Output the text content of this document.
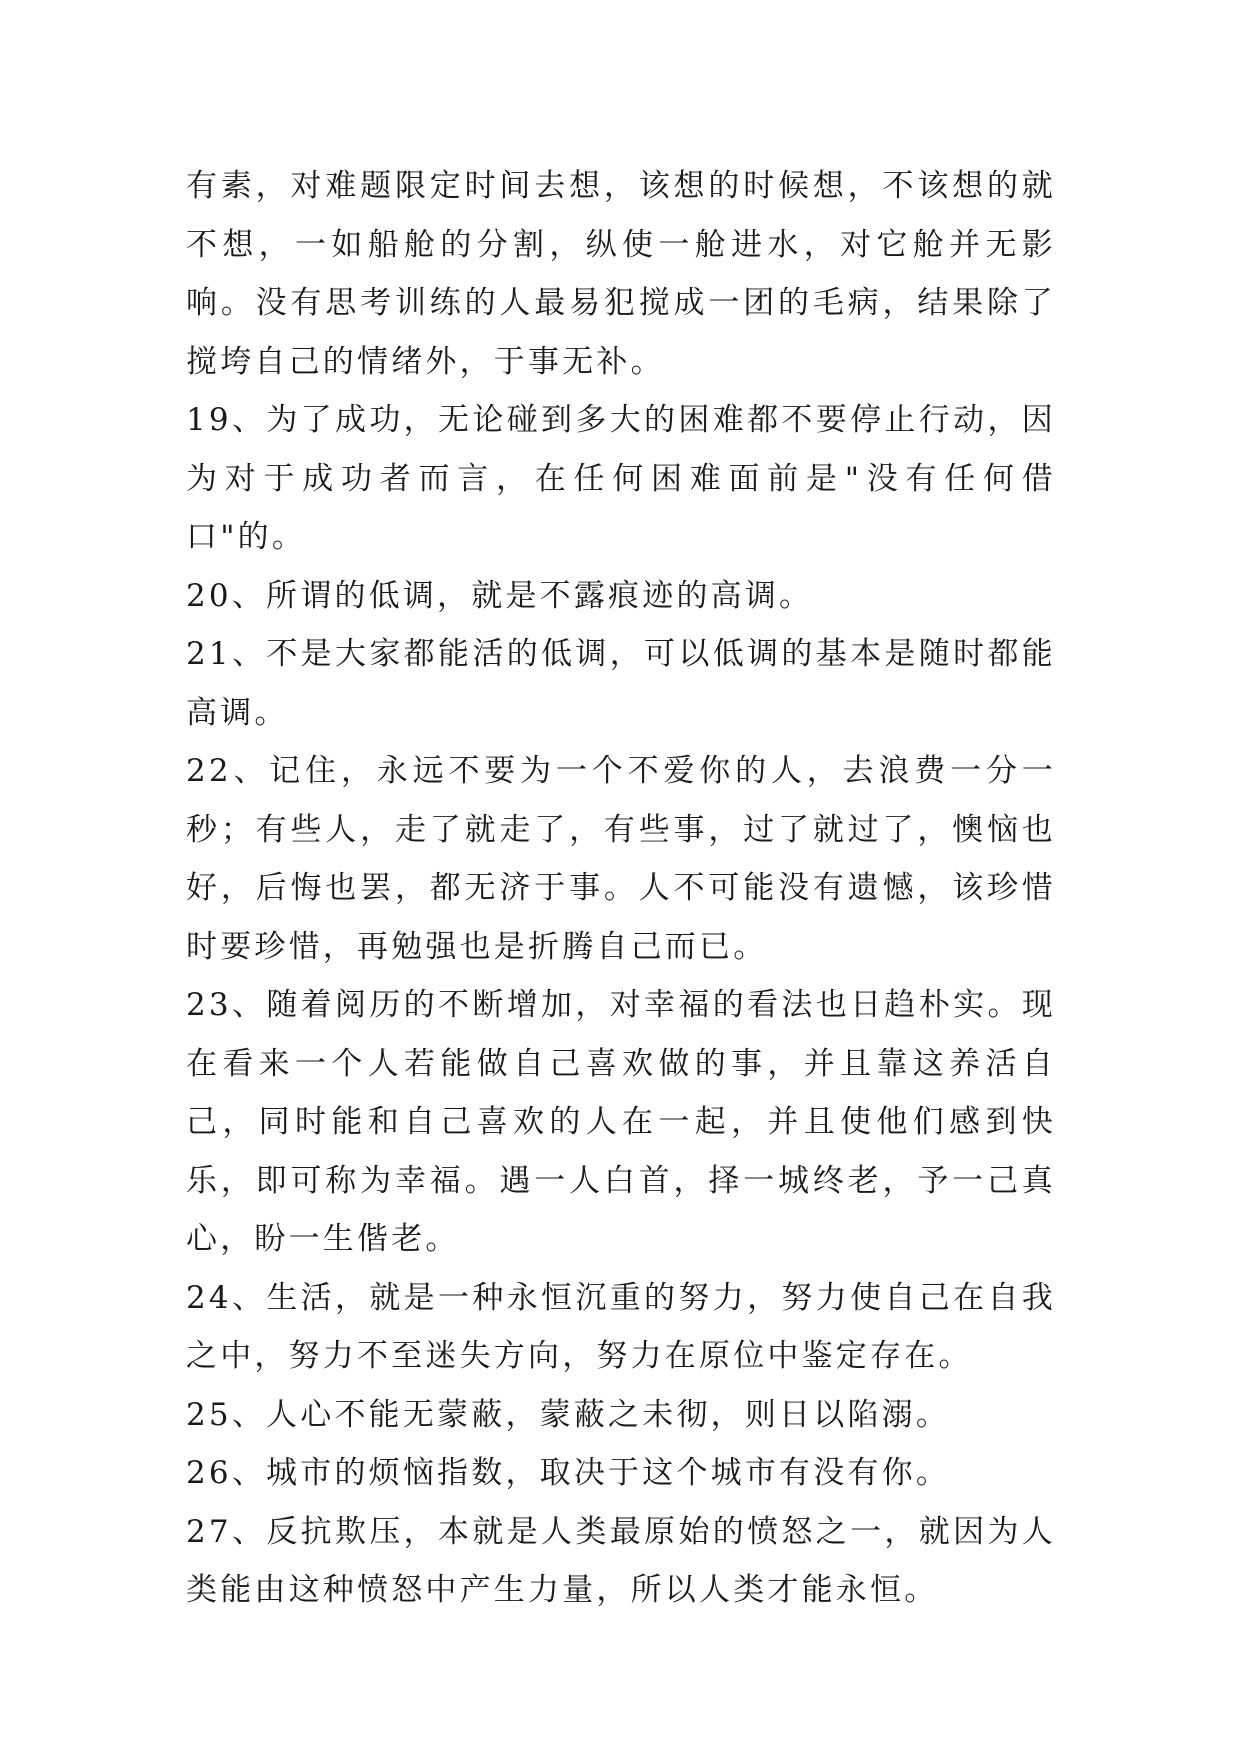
有素，对难题限定时间去想，该想的时候想，不该想的就不想，一如船舱的分割，纵使一舱进水，对它舱并无影响。没有思考训练的人最易犯搅成一团的毛病，结果除了搅垮自己的情绪外，于事无补。

19、为了成功，无论碰到多大的困难都不要停止行动，因为对于成功者而言，在任何困难面前是"没有任何借口"的。

20、所谓的低调，就是不露痕迹的高调。

21、不是大家都能活的低调，可以低调的基本是随时都能高调。

22、记住，永远不要为一个不爱你的人，去浪费一分一秒；有些人，走了就走了，有些事，过了就过了，懊恼也好，后悔也罢，都无济于事。人不可能没有遗憾，该珍惜时要珍惜，再勉强也是折腾自己而已。

23、随着阅历的不断增加，对幸福的看法也日趋朴实。现在看来一个人若能做自己喜欢做的事，并且靠这养活自己，同时能和自己喜欢的人在一起，并且使他们感到快乐，即可称为幸福。遇一人白首，择一城终老，予一己真心，盼一生偕老。

24、生活，就是一种永恒沉重的努力，努力使自己在自我之中，努力不至迷失方向，努力在原位中鉴定存在。

25、人心不能无蒙蔽，蒙蔽之未彻，则日以陷溺。

26、城市的烦恼指数，取决于这个城市有没有你。

27、反抗欺压，本就是人类最原始的愤怒之一，就因为人类能由这种愤怒中产生力量，所以人类才能永恒。
